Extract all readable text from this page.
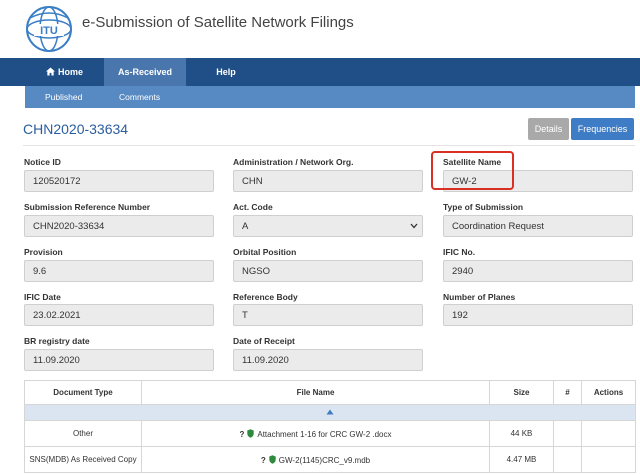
ITU e-Submission of Satellite Network Filings
Home	As-Received	Help
Published	Comments
CHN2020-33634	Details	Frequencies
Notice ID
120520172
Administration / Network Org.
CHN
Satellite Name
GW-2
Submission Reference Number
CHN2020-33634
Act. Code
A
Type of Submission
Coordination Request
Provision
9.6
Orbital Position
NGSO
IFIC No.
2940
IFIC Date
23.02.2021
Reference Body
T
Number of Planes
192
BR registry date
11.09.2020
Date of Receipt
11.09.2020
Document Type	File Name	Size	#	Actions

Other	? Attachment 1-16 for CRC GW-2 .docx	44 KB		
SNS(MDB) As Received Copy	? GW-2(1145)CRC_v9.mdb	4.47 MB		
